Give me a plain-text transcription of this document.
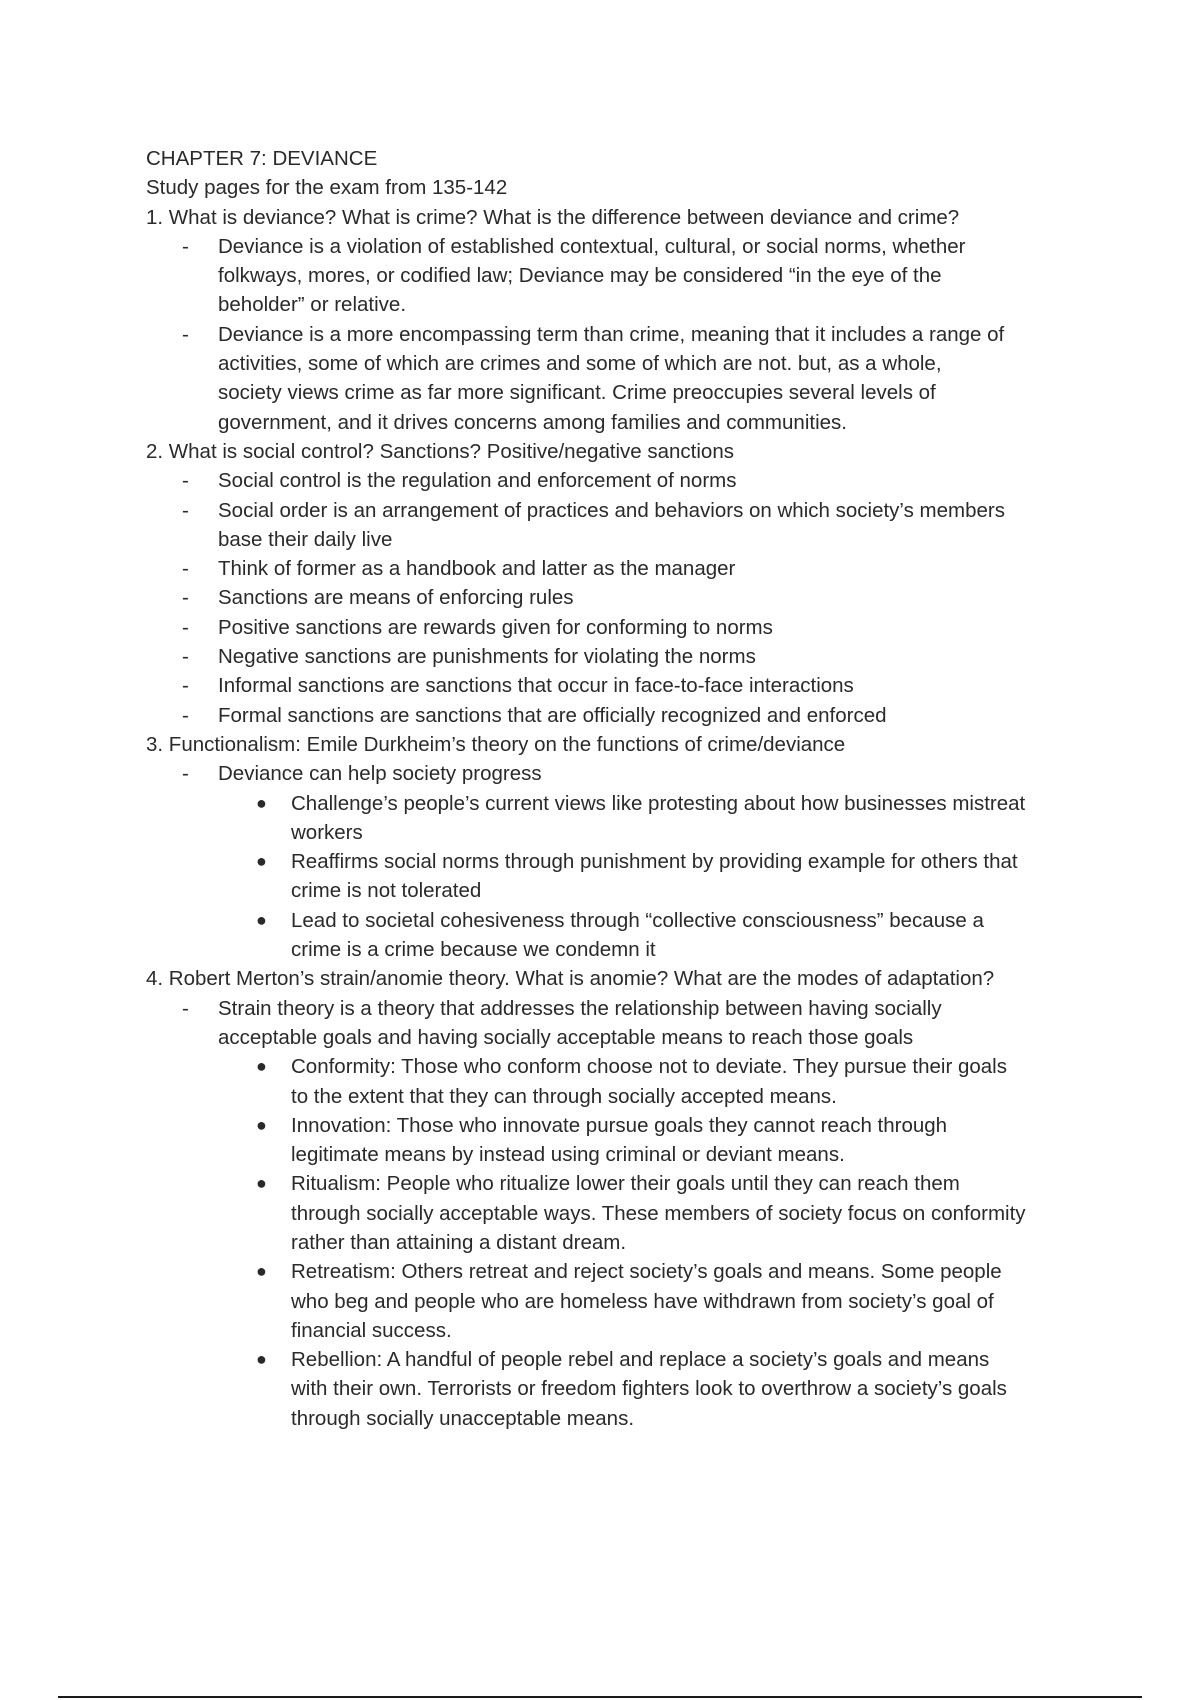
CHAPTER 7: DEVIANCE
Study pages for the exam from 135-142
1. What is deviance? What is crime? What is the difference between deviance and crime?
- Deviance is a violation of established contextual, cultural, or social norms, whether
folkways, mores, or codified law; Deviance may be considered “in the eye of the
beholder” or relative.
- Deviance is a more encompassing term than crime, meaning that it includes a range of
activities, some of which are crimes and some of which are not. but, as a whole,
society views crime as far more significant. Crime preoccupies several levels of
government, and it drives concerns among families and communities.
2. What is social control? Sanctions? Positive/negative sanctions
- Social control is the regulation and enforcement of norms
- Social order is an arrangement of practices and behaviors on which society’s members
base their daily live
- Think of former as a handbook and latter as the manager
- Sanctions are means of enforcing rules
- Positive sanctions are rewards given for conforming to norms
- Negative sanctions are punishments for violating the norms
- Informal sanctions are sanctions that occur in face-to-face interactions
- Formal sanctions are sanctions that are officially recognized and enforced
3. Functionalism: Emile Durkheim’s theory on the functions of crime/deviance
- Deviance can help society progress
● Challenge’s people’s current views like protesting about how businesses mistreat
workers
● Reaffirms social norms through punishment by providing example for others that
crime is not tolerated
● Lead to societal cohesiveness through “collective consciousness” because a
crime is a crime because we condemn it
4. Robert Merton’s strain/anomie theory. What is anomie? What are the modes of adaptation?
- Strain theory is a theory that addresses the relationship between having socially
acceptable goals and having socially acceptable means to reach those goals
● Conformity: Those who conform choose not to deviate. They pursue their goals
to the extent that they can through socially accepted means.
● Innovation: Those who innovate pursue goals they cannot reach through
legitimate means by instead using criminal or deviant means.
● Ritualism: People who ritualize lower their goals until they can reach them
through socially acceptable ways. These members of society focus on conformity
rather than attaining a distant dream.
● Retreatism: Others retreat and reject society’s goals and means. Some people
who beg and people who are homeless have withdrawn from society’s goal of
financial success.
● Rebellion: A handful of people rebel and replace a society’s goals and means
with their own. Terrorists or freedom fighters look to overthrow a society’s goals
through socially unacceptable means.
